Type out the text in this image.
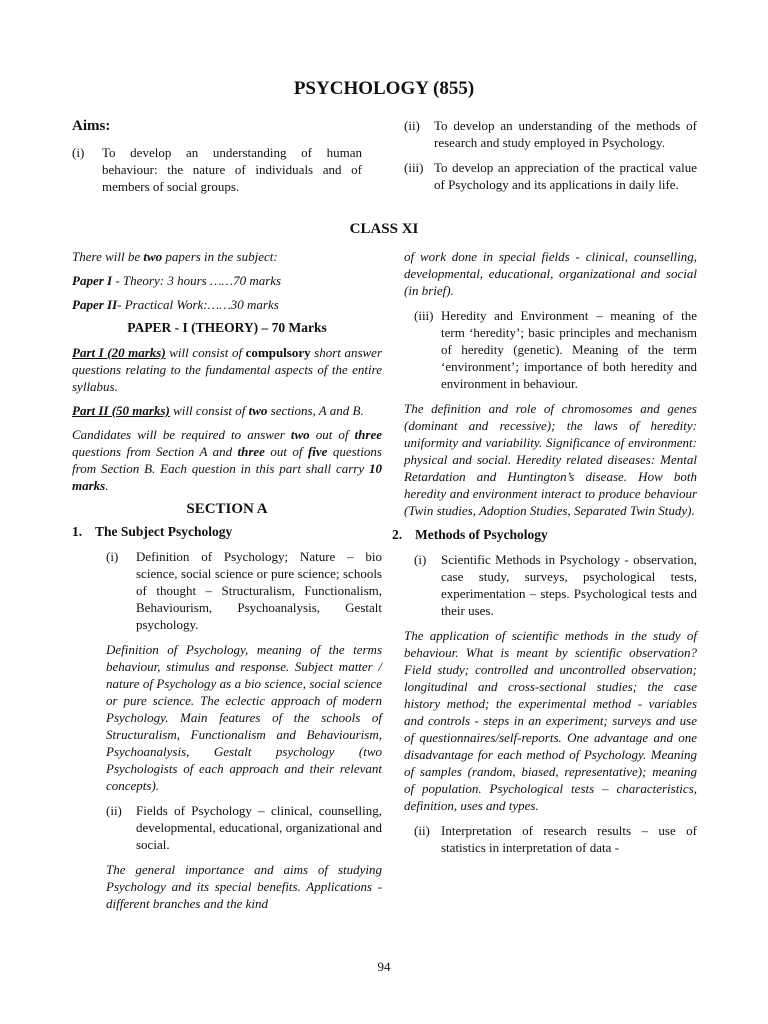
PSYCHOLOGY (855)

Aims:

(i)	To develop an understanding of human behaviour: the nature of individuals and of members of social groups.
(ii)	To develop an understanding of the methods of research and study employed in Psychology.
(iii) To develop an appreciation of the practical value of Psychology and its applications in daily life.
CLASS XI

There will be two papers in the subject:

Paper I - Theory: 3 hours ……70 marks

Paper II- Practical Work:……30 marks

PAPER - I (THEORY) – 70 Marks

Part I (20 marks) will consist of compulsory short answer questions relating to the fundamental aspects of the entire syllabus.

Part II (50 marks) will consist of two sections, A and B.

Candidates will be required to answer two out of three questions from Section A and three out of five questions from Section B. Each question in this part shall carry 10 marks.

SECTION A

1. The Subject Psychology
(i)	Definition of Psychology; Nature – bio science, social science or pure science; schools of thought – Structuralism, Functionalism, Behaviourism, Psychoanalysis, Gestalt psychology.

Definition of Psychology, meaning of the terms behaviour, stimulus and response. Subject matter / nature of Psychology as a bio science, social science or pure science. The eclectic approach of modern Psychology. Main features of the schools of Structuralism, Functionalism and Behaviourism, Psychoanalysis, Gestalt psychology (two Psychologists of each approach and their relevant concepts).

(ii)	Fields of Psychology – clinical, counselling, developmental, educational, organizational and social.

The general importance and aims of studying Psychology and its special benefits. Applications - different branches and the kind

of work done in special fields - clinical, counselling, developmental, educational, organizational and social (in brief).

(iii) Heredity and Environment – meaning of the term ‘heredity’; basic principles and mechanism of heredity (genetic). Meaning of the term ‘environment’; importance of both heredity and environment in behaviour.

The definition and role of chromosomes and genes (dominant and recessive); the laws of heredity: uniformity and variability. Significance of environment: physical and social. Heredity related diseases: Mental Retardation and Huntington’s disease. How both heredity and environment interact to produce behaviour (Twin studies, Adoption Studies, Separated Twin Study).

2. Methods of Psychology
(i)	Scientific Methods in Psychology - observation, case study, surveys, psychological tests, experimentation – steps. Psychological tests and their uses.

The application of scientific methods in the study of behaviour. What is meant by scientific observation? Field study; controlled and uncontrolled observation; longitudinal and cross-sectional studies; the case history method; the experimental method - variables and controls - steps in an experiment; surveys and use of questionnaires/self-reports. One advantage and one disadvantage for each method of Psychology. Meaning of samples (random, biased, representative); meaning of population. Psychological tests – characteristics, definition, uses and types.

(ii) Interpretation of research results – use of statistics in interpretation of data -

94
